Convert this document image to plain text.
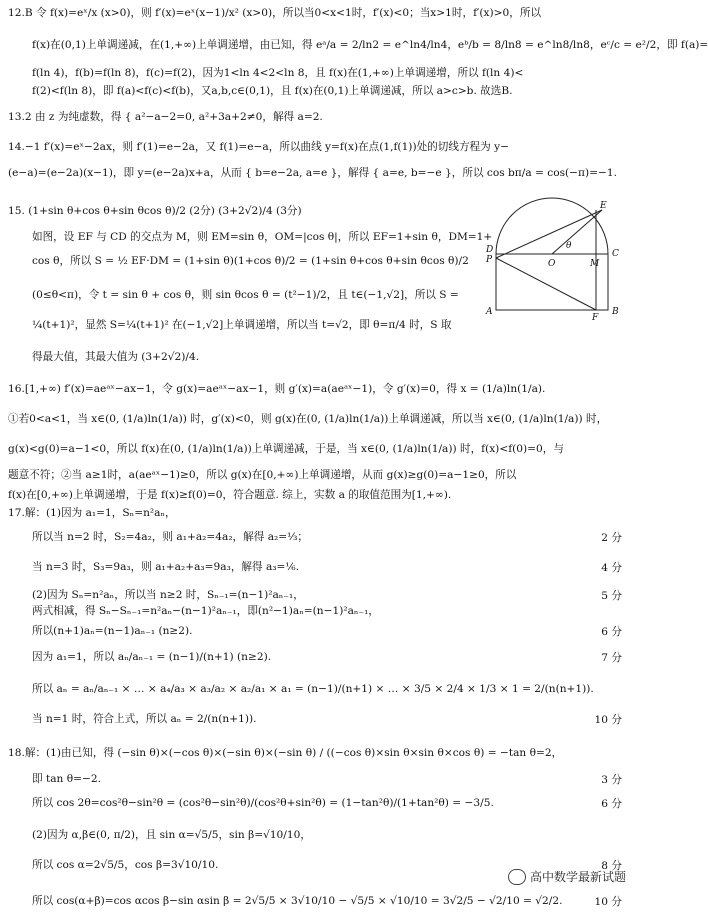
12.B 令 f(x)=eˣ/x (x>0)，则 f′(x)=eˣ(x−1)/x² (x>0)，所以当0<x<1时，f′(x)<0；当x>1时，f′(x)>0，所以
f(x)在(0,1)上单调递减，在(1,+∞)上单调递增，由已知，得 eᵃ/a = 2/ln2 = e^ln4/ln4，eᵇ/b = 8/ln8 = e^ln8/ln8，eᶜ/c = e²/2，即 f(a)=
f(ln 4)，f(b)=f(ln 8)，f(c)=f(2)，因为1<ln 4<2<ln 8，且 f(x)在(1,+∞)上单调递增，所以 f(ln 4)<
f(2)<f(ln 8)，即 f(a)<f(c)<f(b)，又a,b,c∈(0,1)，且 f(x)在(0,1)上单调递减，所以 a>c>b. 故选B.
13.2 由 z 为纯虚数，得 { a²−a−2=0, a²+3a+2≠0，解得 a=2.
14.−1 f′(x)=eˣ−2ax，则 f′(1)=e−2a，又 f(1)=e−a，所以曲线 y=f(x)在点(1,f(1))处的切线方程为 y−
(e−a)=(e−2a)(x−1)，即 y=(e−2a)x+a，从而 { b=e−2a, a=e }，解得 { a=e, b=−e }，所以 cos bπ/a = cos(−π)=−1.
15. (1+sin θ+cos θ+sin θcos θ)/2 (2分) (3+2√2)/4 (3分)
如图，设 EF 与 CD 的交点为 M，则 EM=sin θ，OM=|cos θ|，所以 EF=1+sin θ，DM=1+
cos θ，所以 S = ½ EF·DM = (1+sin θ)(1+cos θ)/2 = (1+sin θ+cos θ+sin θcos θ)/2
(0≤θ<π)，令 t = sin θ + cos θ，则 sin θcos θ = (t²−1)/2，且 t∈(−1,√2]，所以 S =
¼(t+1)²，显然 S=¼(t+1)² 在(−1,√2]上单调递增，所以当 t=√2，即 θ=π/4 时，S 取
得最大值，其最大值为 (3+2√2)/4.
D
P
C
O	M
E
F
A	B
θ
16.[1,+∞) f′(x)=aeᵃˣ−ax−1，令 g(x)=aeᵃˣ−ax−1，则 g′(x)=a(aeᵃˣ−1)，令 g′(x)=0，得 x = (1/a)ln(1/a).
①若0<a<1，当 x∈(0, (1/a)ln(1/a)) 时，g′(x)<0，则 g(x)在(0, (1/a)ln(1/a))上单调递减，所以当 x∈(0, (1/a)ln(1/a)) 时，
g(x)<g(0)=a−1<0，所以 f(x)在(0, (1/a)ln(1/a))上单调递减，于是，当 x∈(0, (1/a)ln(1/a)) 时，f(x)<f(0)=0，与
题意不符；②当 a≥1时，a(aeᵃˣ−1)≥0，所以 g(x)在[0,+∞)上单调递增，从而 g(x)≥g(0)=a−1≥0，所以
f(x)在[0,+∞)上单调递增，于是 f(x)≥f(0)=0，符合题意. 综上，实数 a 的取值范围为[1,+∞).
17.解：(1)因为 a₁=1，Sₙ=n²aₙ，
所以当 n=2 时，S₂=4a₂，则 a₁+a₂=4a₂，解得 a₂=⅓；	2 分
当 n=3 时，S₃=9a₃，则 a₁+a₂+a₃=9a₃，解得 a₃=⅙.	4 分
(2)因为 Sₙ=n²aₙ，所以当 n≥2 时，Sₙ₋₁=(n−1)²aₙ₋₁，	5 分
两式相减，得 Sₙ−Sₙ₋₁=n²aₙ−(n−1)²aₙ₋₁，即(n²−1)aₙ=(n−1)²aₙ₋₁，
所以(n+1)aₙ=(n−1)aₙ₋₁ (n≥2).	6 分
因为 a₁=1，所以 aₙ/aₙ₋₁ = (n−1)/(n+1) (n≥2).	7 分
所以 aₙ = aₙ/aₙ₋₁ × … × a₄/a₃ × a₃/a₂ × a₂/a₁ × a₁ = (n−1)/(n+1) × … × 3/5 × 2/4 × 1/3 × 1 = 2/(n(n+1)).
当 n=1 时，符合上式，所以 aₙ = 2/(n(n+1)).	10 分
18.解：(1)由已知，得 (−sin θ)×(−cos θ)×(−sin θ)×(−sin θ) / ((−cos θ)×sin θ×sin θ×cos θ) = −tan θ=2，
即 tan θ=−2.	3 分
所以 cos 2θ=cos²θ−sin²θ = (cos²θ−sin²θ)/(cos²θ+sin²θ) = (1−tan²θ)/(1+tan²θ) = −3/5.	6 分
(2)因为 α,β∈(0, π/2)，且 sin α=√5/5，sin β=√10/10，
所以 cos α=2√5/5，cos β=3√10/10.	8 分
所以 cos(α+β)=cos αcos β−sin αsin β = 2√5/5 × 3√10/10 − √5/5 × √10/10 = 3√2/5 − √2/10 = √2/2.	10 分
高中数学最新试题
